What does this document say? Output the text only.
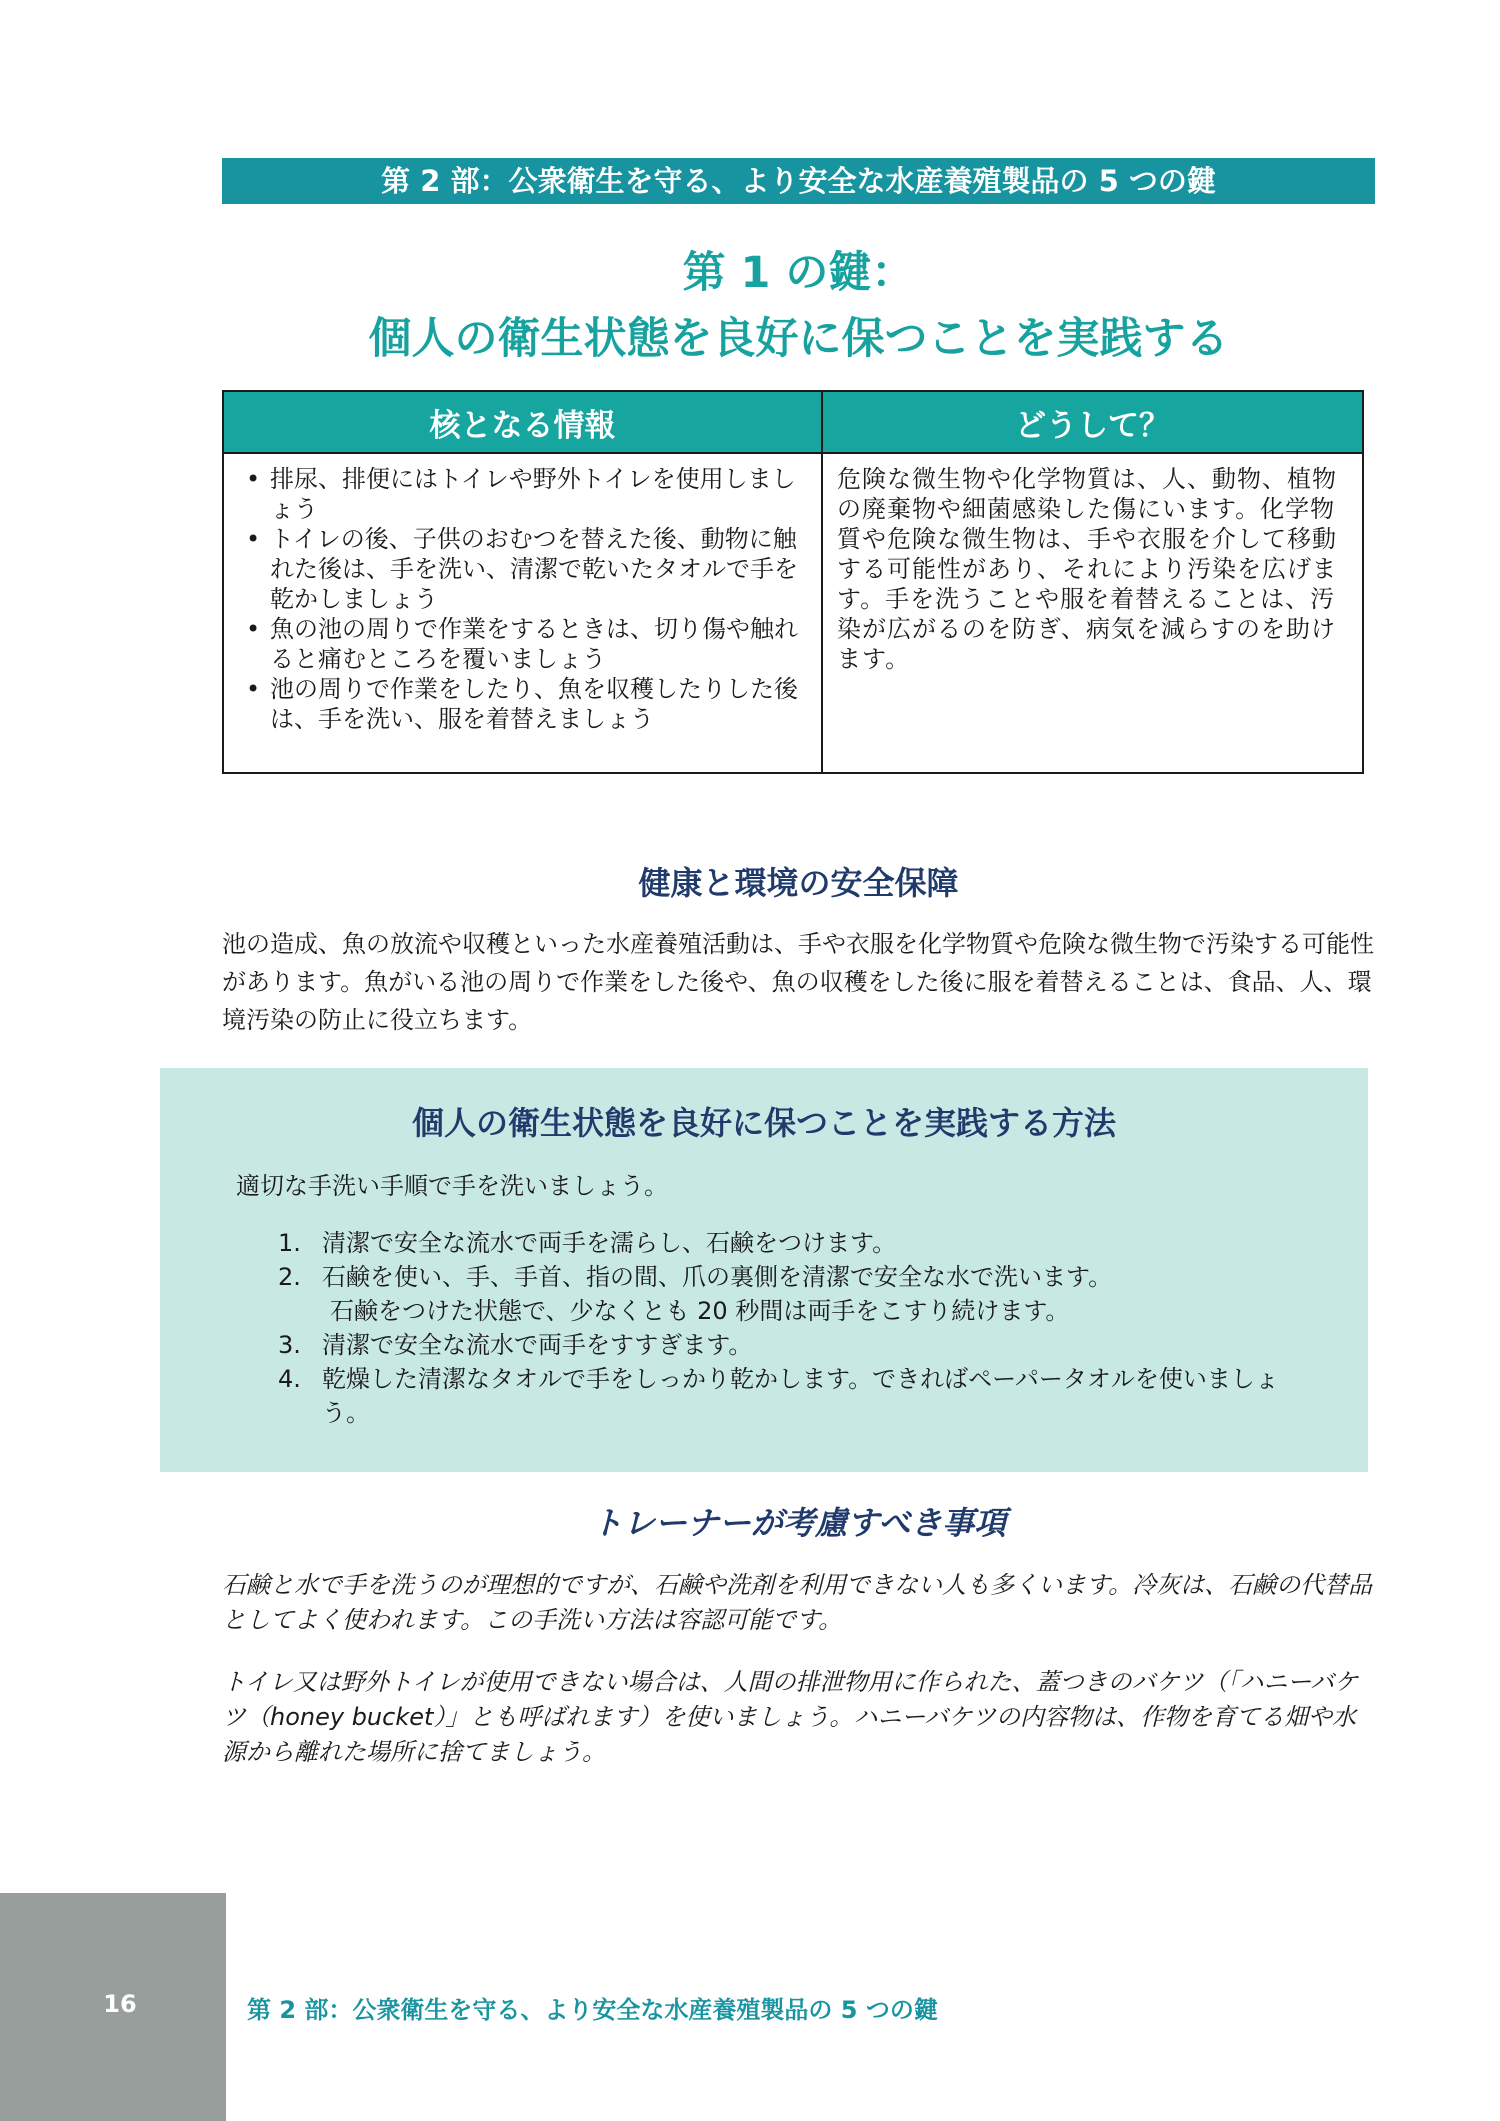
第 2 部：公衆衛生を守る、より安全な水産養殖製品の 5 つの鍵
第 1 の鍵：
個人の衛生状態を良好に保つことを実践する
核となる情報	どうして？
• 排尿、排便にはトイレや野外トイレを使用しましょう
• トイレの後、子供のおむつを替えた後、動物に触れた後は、手を洗い、清潔で乾いたタオルで手を乾かしましょう
• 魚の池の周りで作業をするときは、切り傷や触れると痛むところを覆いましょう
• 池の周りで作業をしたり、魚を収穫したりした後は、手を洗い、服を着替えましょう
危険な微生物や化学物質は、人、動物、植物の廃棄物や細菌感染した傷にいます。化学物質や危険な微生物は、手や衣服を介して移動する可能性があり、それにより汚染を広げます。手を洗うことや服を着替えることは、汚染が広がるのを防ぎ、病気を減らすのを助けます。
健康と環境の安全保障
池の造成、魚の放流や収穫といった水産養殖活動は、手や衣服を化学物質や危険な微生物で汚染する可能性があります。魚がいる池の周りで作業をした後や、魚の収穫をした後に服を着替えることは、食品、人、環境汚染の防止に役立ちます。
個人の衛生状態を良好に保つことを実践する方法
適切な手洗い手順で手を洗いましょう。
1. 清潔で安全な流水で両手を濡らし、石鹸をつけます。
2. 石鹸を使い、手、手首、指の間、爪の裏側を清潔で安全な水で洗います。
石鹸をつけた状態で、少なくとも 20 秒間は両手をこすり続けます。
3. 清潔で安全な流水で両手をすすぎます。
4. 乾燥した清潔なタオルで手をしっかり乾かします。できればペーパータオルを使いましょう。
トレーナーが考慮すべき事項
石鹸と水で手を洗うのが理想的ですが、石鹸や洗剤を利用できない人も多くいます。冷灰は、石鹸の代替品としてよく使われます。この手洗い方法は容認可能です。
トイレ又は野外トイレが使用できない場合は、人間の排泄物用に作られた、蓋つきのバケツ（「ハニーバケツ（honey bucket）」とも呼ばれます）を使いましょう。ハニーバケツの内容物は、作物を育てる畑や水源から離れた場所に捨てましょう。
16	第 2 部：公衆衛生を守る、より安全な水産養殖製品の 5 つの鍵
